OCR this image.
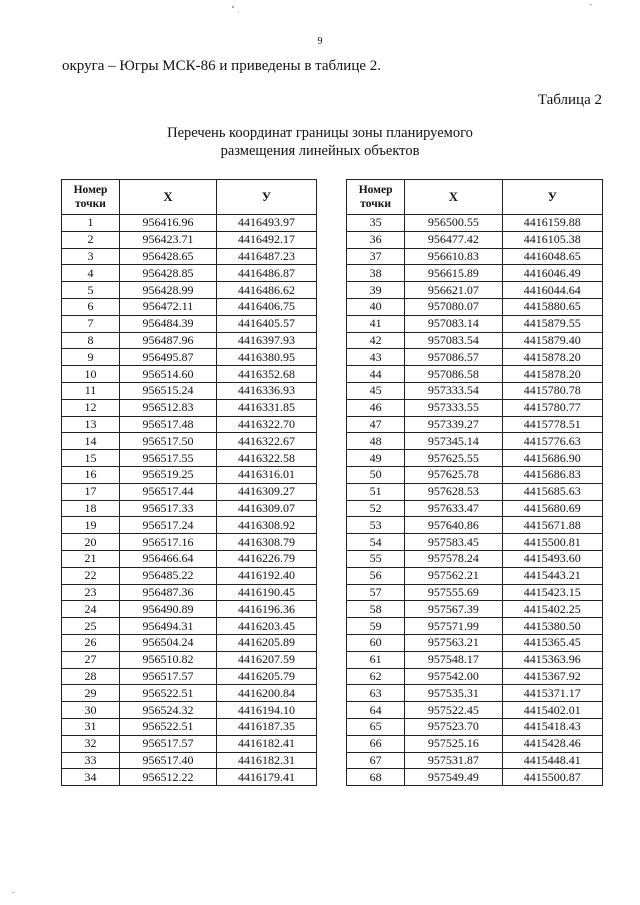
9
округа – Югры МСК-86 и приведены в таблице 2.
Таблица 2
Перечень координат границы зоны планируемого
размещения линейных объектов
Номер
точки	X	У
1	956416.96	4416493.97
2	956423.71	4416492.17
3	956428.65	4416487.23
4	956428.85	4416486.87
5	956428.99	4416486.62
6	956472.11	4416406.75
7	956484.39	4416405.57
8	956487.96	4416397.93
9	956495.87	4416380.95
10	956514.60	4416352.68
11	956515.24	4416336.93
12	956512.83	4416331.85
13	956517.48	4416322.70
14	956517.50	4416322.67
15	956517.55	4416322.58
16	956519.25	4416316.01
17	956517.44	4416309.27
18	956517.33	4416309.07
19	956517.24	4416308.92
20	956517.16	4416308.79
21	956466.64	4416226.79
22	956485.22	4416192.40
23	956487.36	4416190.45
24	956490.89	4416196.36
25	956494.31	4416203.45
26	956504.24	4416205.89
27	956510.82	4416207.59
28	956517.57	4416205.79
29	956522.51	4416200.84
30	956524.32	4416194.10
31	956522.51	4416187.35
32	956517.57	4416182.41
33	956517.40	4416182.31
34	956512.22	4416179.41
Номер
точки	X	У
35	956500.55	4416159.88
36	956477.42	4416105.38
37	956610.83	4416048.65
38	956615.89	4416046.49
39	956621.07	4416044.64
40	957080.07	4415880.65
41	957083.14	4415879.55
42	957083.54	4415879.40
43	957086.57	4415878.20
44	957086.58	4415878.20
45	957333.54	4415780.78
46	957333.55	4415780.77
47	957339.27	4415778.51
48	957345.14	4415776.63
49	957625.55	4415686.90
50	957625.78	4415686.83
51	957628.53	4415685.63
52	957633.47	4415680.69
53	957640.86	4415671.88
54	957583.45	4415500.81
55	957578.24	4415493.60
56	957562.21	4415443.21
57	957555.69	4415423.15
58	957567.39	4415402.25
59	957571.99	4415380.50
60	957563.21	4415365.45
61	957548.17	4415363.96
62	957542.00	4415367.92
63	957535.31	4415371.17
64	957522.45	4415402.01
65	957523.70	4415418.43
66	957525.16	4415428.46
67	957531.87	4415448.41
68	957549.49	4415500.87
